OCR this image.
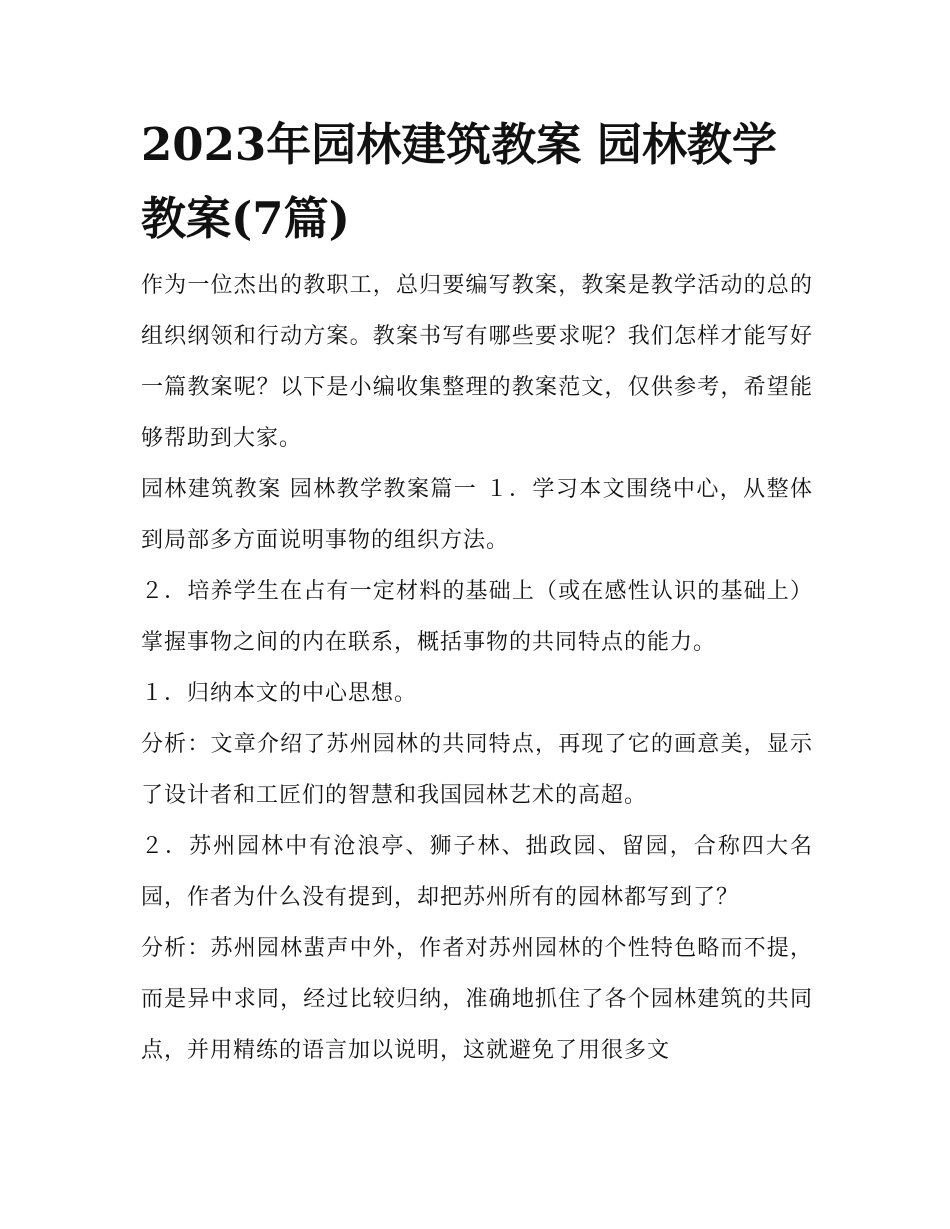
2023年园林建筑教案 园林教学教案(7篇)

作为一位杰出的教职工，总归要编写教案，教案是教学活动的总的组织纲领和行动方案。教案书写有哪些要求呢？我们怎样才能写好一篇教案呢？以下是小编收集整理的教案范文，仅供参考，希望能够帮助到大家。

园林建筑教案 园林教学教案篇一 １．学习本文围绕中心，从整体到局部多方面说明事物的组织方法。

２．培养学生在占有一定材料的基础上（或在感性认识的基础上）掌握事物之间的内在联系，概括事物的共同特点的能力。

１．归纳本文的中心思想。

分析：文章介绍了苏州园林的共同特点，再现了它的画意美，显示了设计者和工匠们的智慧和我国园林艺术的高超。

２．苏州园林中有沧浪亭、狮子林、拙政园、留园，合称四大名园，作者为什么没有提到，却把苏州所有的园林都写到了？

分析：苏州园林蜚声中外，作者对苏州园林的个性特色略而不提，而是异中求同，经过比较归纳，准确地抓住了各个园林建筑的共同点，并用精练的语言加以说明，这就避免了用很多文
